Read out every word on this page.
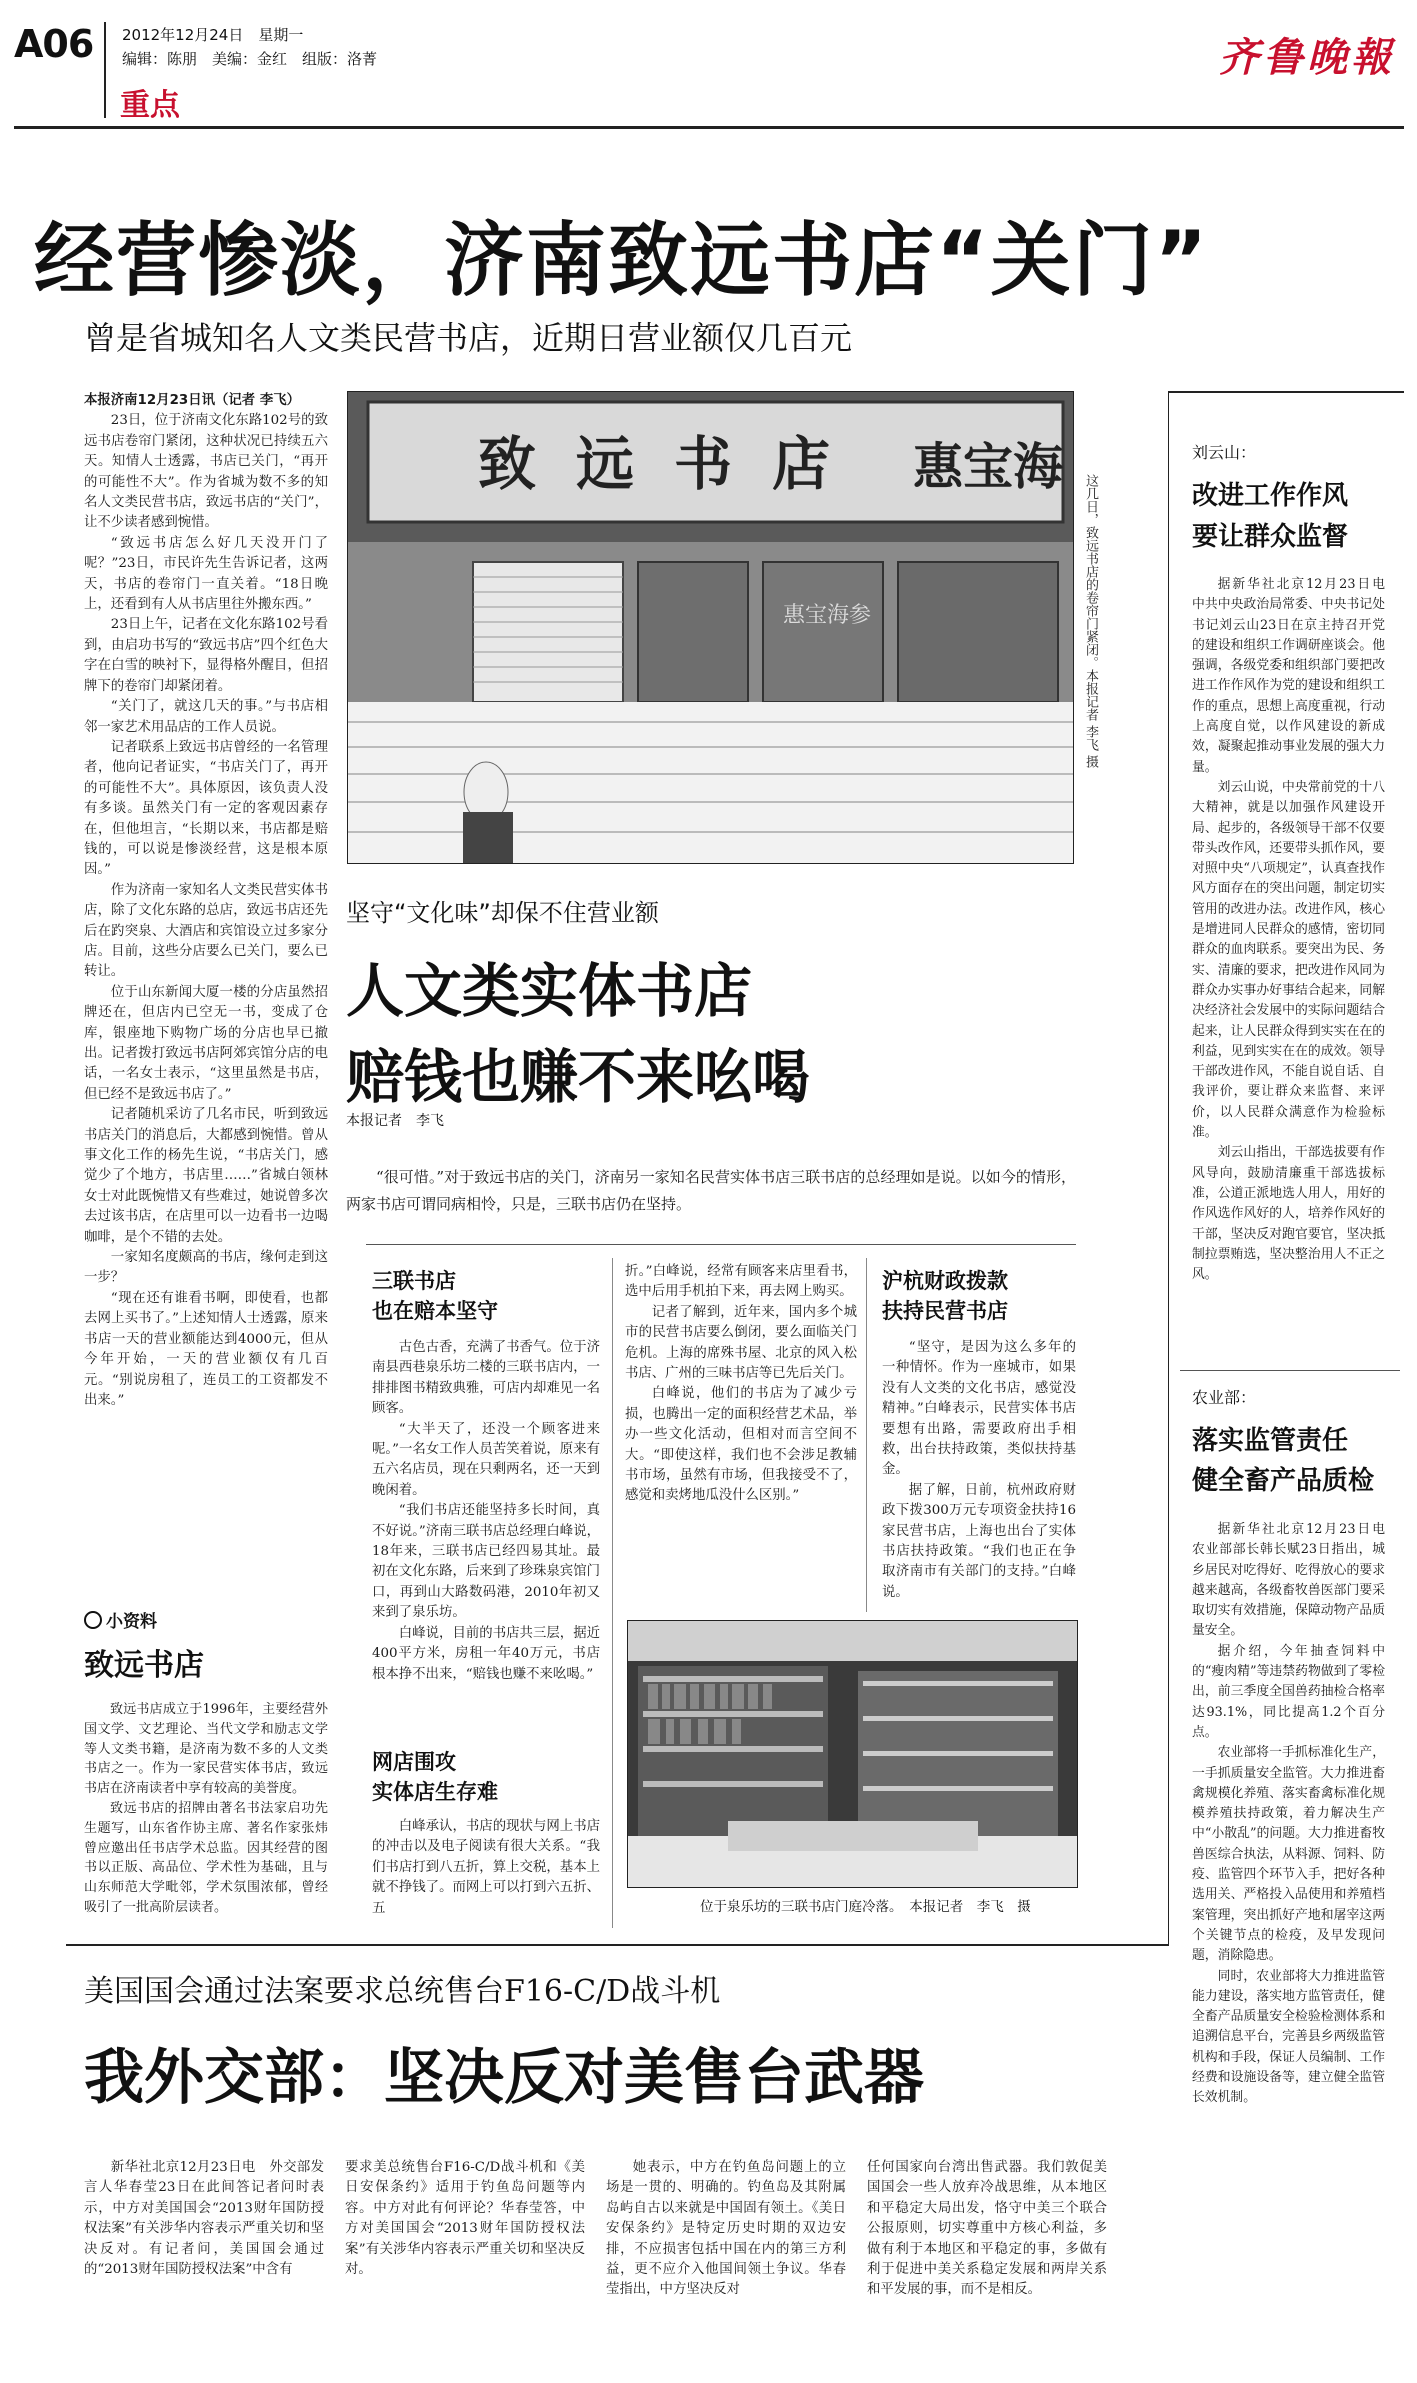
A06 2012年12月24日　星期一
编辑：陈朋　美编：金红　组版：洛菁
重点
齐鲁晚報
经营惨淡，济南致远书店“关门”
曾是省城知名人文类民营书店，近期日营业额仅几百元

本报济南12月23日讯（记者 李飞）

23日，位于济南文化东路102号的致远书店卷帘门紧闭，这种状况已持续五六天。知情人士透露，书店已关门，“再开的可能性不大”。作为省城为数不多的知名人文类民营书店，致远书店的“关门”，让不少读者感到惋惜。

“致远书店怎么好几天没开门了呢？”23日，市民许先生告诉记者，这两天，书店的卷帘门一直关着。“18日晚上，还看到有人从书店里往外搬东西。”

23日上午，记者在文化东路102号看到，由启功书写的“致远书店”四个红色大字在白雪的映衬下，显得格外醒目，但招牌下的卷帘门却紧闭着。

“关门了，就这几天的事。”与书店相邻一家艺术用品店的工作人员说。

记者联系上致远书店曾经的一名管理者，他向记者证实，“书店关门了，再开的可能性不大”。具体原因，该负责人没有多谈。虽然关门有一定的客观因素存在，但他坦言，“长期以来，书店都是赔钱的，可以说是惨淡经营，这是根本原因。”

作为济南一家知名人文类民营实体书店，除了文化东路的总店，致远书店还先后在趵突泉、大酒店和宾馆设立过多家分店。目前，这些分店要么已关门，要么已转让。

位于山东新闻大厦一楼的分店虽然招牌还在，但店内已空无一书，变成了仓库，银座地下购物广场的分店也早已撤出。记者拨打致远书店阿郊宾馆分店的电话，一名女士表示，“这里虽然是书店，但已经不是致远书店了。”

记者随机采访了几名市民，听到致远书店关门的消息后，大都感到惋惜。曾从事文化工作的杨先生说，“书店关门，感觉少了个地方，书店里……”省城白领林女士对此既惋惜又有些难过，她说曾多次去过该书店，在店里可以一边看书一边喝咖啡，是个不错的去处。

一家知名度颇高的书店，缘何走到这一步？

“现在还有谁看书啊，即使看，也都去网上买书了。”上述知情人士透露，原来书店一天的营业额能达到4000元，但从今年开始，一天的营业额仅有几百元。“别说房租了，连员工的工资都发不出来。”

致远书店 惠宝海
惠宝海参	这几日，致远书店的卷帘门紧闭。本报记者 李飞 摄
小资料
致远书店

致远书店成立于1996年，主要经营外国文学、文艺理论、当代文学和励志文学等人文类书籍，是济南为数不多的人文类书店之一。作为一家民营实体书店，致远书店在济南读者中享有较高的美誉度。

致远书店的招牌由著名书法家启功先生题写，山东省作协主席、著名作家张炜曾应邀出任书店学术总监。因其经营的图书以正版、高品位、学术性为基础，且与山东师范大学毗邻，学术氛围浓郁，曾经吸引了一批高阶层读者。

坚守“文化味”却保不住营业额
人文类实体书店
赔钱也赚不来吆喝
本报记者　李飞
“很可惜。”对于致远书店的关门，济南另一家知名民营实体书店三联书店的总经理如是说。以如今的情形，两家书店可谓同病相怜，只是，三联书店仍在坚持。
三联书店
也在赔本坚守

古色古香，充满了书香气。位于济南县西巷泉乐坊二楼的三联书店内，一排排图书精致典雅，可店内却难见一名顾客。

“大半天了，还没一个顾客进来呢。”一名女工作人员苦笑着说，原来有五六名店员，现在只剩两名，还一天到晚闲着。

“我们书店还能坚持多长时间，真不好说。”济南三联书店总经理白峰说，18年来，三联书店已经四易其址。最初在文化东路，后来到了珍珠泉宾馆门口，再到山大路数码港，2010年初又来到了泉乐坊。

白峰说，目前的书店共三层，据近400平方米，房租一年40万元，书店根本挣不出来，“赔钱也赚不来吆喝。”

网店围攻
实体店生存难

白峰承认，书店的现状与网上书店的冲击以及电子阅读有很大关系。“我们书店打到八五折，算上交税，基本上就不挣钱了。而网上可以打到六五折、五

折。”白峰说，经常有顾客来店里看书，选中后用手机拍下来，再去网上购买。

记者了解到，近年来，国内多个城市的民营书店要么倒闭，要么面临关门危机。上海的席殊书屋、北京的风入松书店、广州的三味书店等已先后关门。

白峰说，他们的书店为了减少亏损，也腾出一定的面积经营艺术品，举办一些文化活动，但相对而言空间不大。“即使这样，我们也不会涉足教辅书市场，虽然有市场，但我接受不了，感觉和卖烤地瓜没什么区别。”

沪杭财政拨款
扶持民营书店

“坚守，是因为这么多年的一种情怀。作为一座城市，如果没有人文类的文化书店，感觉没精神。”白峰表示，民营实体书店要想有出路，需要政府出手相救，出台扶持政策，类似扶持基金。

据了解，日前，杭州政府财政下拨300万元专项资金扶持16家民营书店，上海也出台了实体书店扶持政策。“我们也正在争取济南市有关部门的支持。”白峰说。

位于泉乐坊的三联书店门庭冷落。　本报记者　李飞　摄
刘云山：
改进工作作风
要让群众监督

据新华社北京12月23日电　中共中央政治局常委、中央书记处书记刘云山23日在京主持召开党的建设和组织工作调研座谈会。他强调，各级党委和组织部门要把改进工作作风作为党的建设和组织工作的重点，思想上高度重视，行动上高度自觉，以作风建设的新成效，凝聚起推动事业发展的强大力量。

刘云山说，中央常前党的十八大精神，就是以加强作风建设开局、起步的，各级领导干部不仅要带头改作风，还要带头抓作风，要对照中央“八项规定”，认真查找作风方面存在的突出问题，制定切实管用的改进办法。改进作风，核心是增进同人民群众的感情，密切同群众的血肉联系。要突出为民、务实、清廉的要求，把改进作风同为群众办实事办好事结合起来，同解决经济社会发展中的实际问题结合起来，让人民群众得到实实在在的利益，见到实实在在的成效。领导干部改进作风，不能自说自话、自我评价，要让群众来监督、来评价，以人民群众满意作为检验标准。

刘云山指出，干部选拔要有作风导向，鼓励清廉重干部选拔标准，公道正派地选人用人，用好的作风选作风好的人，培养作风好的干部，坚决反对跑官要官，坚决抵制拉票贿选，坚决整治用人不正之风。

农业部：
落实监管责任
健全畜产品质检

据新华社北京12月23日电　农业部部长韩长赋23日指出，城乡居民对吃得好、吃得放心的要求越来越高，各级畜牧兽医部门要采取切实有效措施，保障动物产品质量安全。

据介绍，今年抽查饲料中的“瘦肉精”等违禁药物做到了零检出，前三季度全国兽药抽检合格率达93.1%，同比提高1.2个百分点。

农业部将一手抓标准化生产，一手抓质量安全监管。大力推进畜禽规模化养殖、落实畜禽标准化规模养殖扶持政策，着力解决生产中“小散乱”的问题。大力推进畜牧兽医综合执法，从料源、饲料、防疫、监管四个环节入手，把好各种选用关、严格投入品使用和养殖档案管理，突出抓好产地和屠宰这两个关键节点的检疫，及早发现问题，消除隐患。

同时，农业部将大力推进监管能力建设，落实地方监管责任，健全畜产品质量安全检验检测体系和追溯信息平台，完善县乡两级监管机构和手段，保证人员编制、工作经费和设施设备等，建立健全监管长效机制。

美国国会通过法案要求总统售台F16-C/D战斗机
我外交部：坚决反对美售台武器
新华社北京12月23日电　外交部发言人华春莹23日在此间答记者问时表示，中方对美国国会“2013财年国防授权法案”有关涉华内容表示严重关切和坚决反对。有记者问，美国国会通过的“2013财年国防授权法案”中含有
要求美总统售台F16-C/D战斗机和《美日安保条约》适用于钓鱼岛问题等内容。中方对此有何评论？华春莹答，中方对美国国会“2013财年国防授权法案”有关涉华内容表示严重关切和坚决反对。
她表示，中方在钓鱼岛问题上的立场是一贯的、明确的。钓鱼岛及其附属岛屿自古以来就是中国固有领土。《美日安保条约》是特定历史时期的双边安排，不应损害包括中国在内的第三方利益，更不应介入他国间领土争议。华春莹指出，中方坚决反对
任何国家向台湾出售武器。我们敦促美国国会一些人放弃冷战思维，从本地区和平稳定大局出发，恪守中美三个联合公报原则，切实尊重中方核心利益，多做有利于本地区和平稳定的事，多做有利于促进中美关系稳定发展和两岸关系和平发展的事，而不是相反。
